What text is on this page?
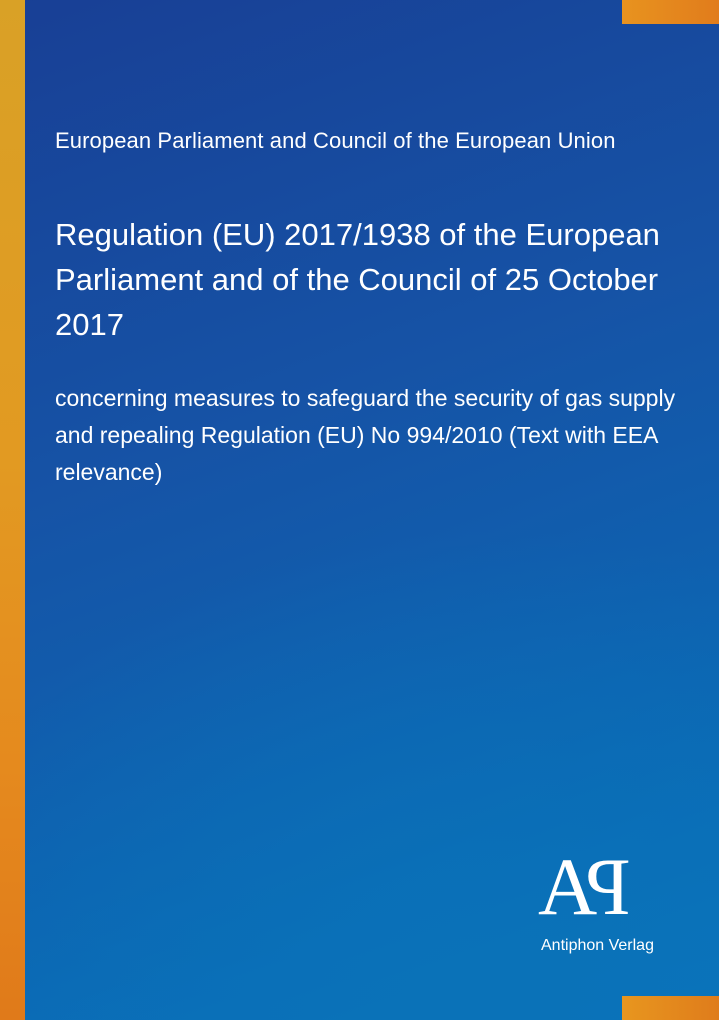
European Parliament and Council of the European Union
Regulation (EU) 2017/1938 of the European Parliament and of the Council of 25 October 2017
concerning measures to safeguard the security of gas supply and repealing Regulation (EU) No 994/2010 (Text with EEA relevance)
AP
Antiphon Verlag
